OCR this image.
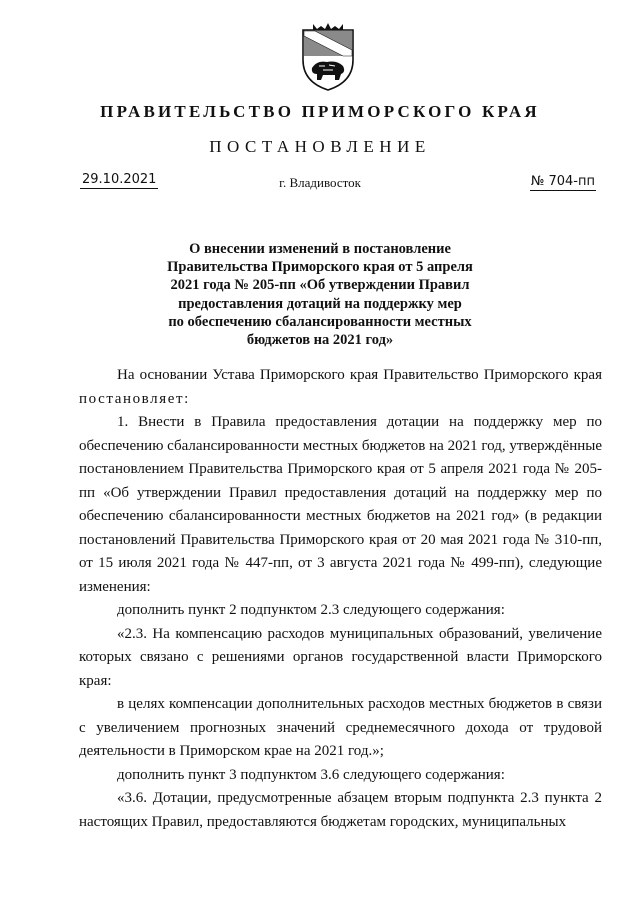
ПРАВИТЕЛЬСТВО ПРИМОРСКОГО КРАЯ
ПОСТАНОВЛЕНИЕ
29.10.2021	г. Владивосток	№ 704-пп
О внесении изменений в постановление
Правительства Приморского края от 5 апреля
2021 года № 205-пп «Об утверждении Правил
предоставления дотаций на поддержку мер
по обеспечению сбалансированности местных
бюджетов на 2021 год»

На основании Устава Приморского края Правительство Приморского края постановляет:

1. Внести в Правила предоставления дотации на поддержку мер по обеспечению сбалансированности местных бюджетов на 2021 год, утверждённые постановлением Правительства Приморского края от 5 апреля 2021 года № 205-пп «Об утверждении Правил предоставления дотаций на поддержку мер по обеспечению сбалансированности местных бюджетов на 2021 год» (в редакции постановлений Правительства Приморского края от 20 мая 2021 года № 310-пп, от 15 июля 2021 года № 447-пп, от 3 августа 2021 года № 499-пп), следующие изменения:

дополнить пункт 2 подпунктом 2.3 следующего содержания:

«2.3. На компенсацию расходов муниципальных образований, увеличение которых связано с решениями органов государственной власти Приморского края:

в целях компенсации дополнительных расходов местных бюджетов в связи с увеличением прогнозных значений среднемесячного дохода от трудовой деятельности в Приморском крае на 2021 год.»;

дополнить пункт 3 подпунктом 3.6 следующего содержания:

«3.6. Дотации, предусмотренные абзацем вторым подпункта 2.3 пункта 2 настоящих Правил, предоставляются бюджетам городских, муниципальных
